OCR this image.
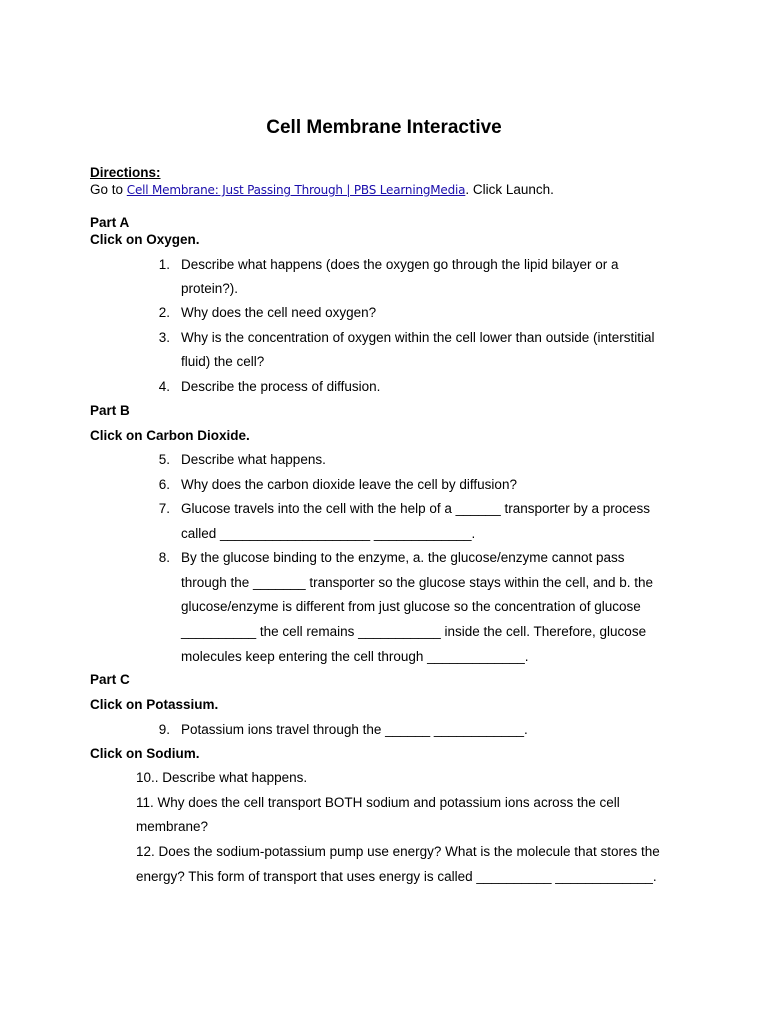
Cell Membrane Interactive
Directions:
Go to Cell Membrane: Just Passing Through | PBS LearningMedia. Click Launch.
Part A
Click on Oxygen.
1. Describe what happens (does the oxygen go through the lipid bilayer or a
protein?).
2. Why does the cell need oxygen?
3. Why is the concentration of oxygen within the cell lower than outside (interstitial
fluid) the cell?
4. Describe the process of diffusion.
Part B
Click on Carbon Dioxide.
5. Describe what happens.
6. Why does the carbon dioxide leave the cell by diffusion?
7. Glucose travels into the cell with the help of a ______ transporter by a process
called ____________________ _____________.
8. By the glucose binding to the enzyme, a. the glucose/enzyme cannot pass
through the _______ transporter so the glucose stays within the cell, and b. the
glucose/enzyme is different from just glucose so the concentration of glucose
__________ the cell remains ___________ inside the cell. Therefore, glucose
molecules keep entering the cell through _____________.
Part C
Click on Potassium.
9. Potassium ions travel through the ______ ____________.
Click on Sodium.
10.. Describe what happens.
11. Why does the cell transport BOTH sodium and potassium ions across the cell
membrane?
12. Does the sodium-potassium pump use energy? What is the molecule that stores the
energy? This form of transport that uses energy is called __________ _____________.
